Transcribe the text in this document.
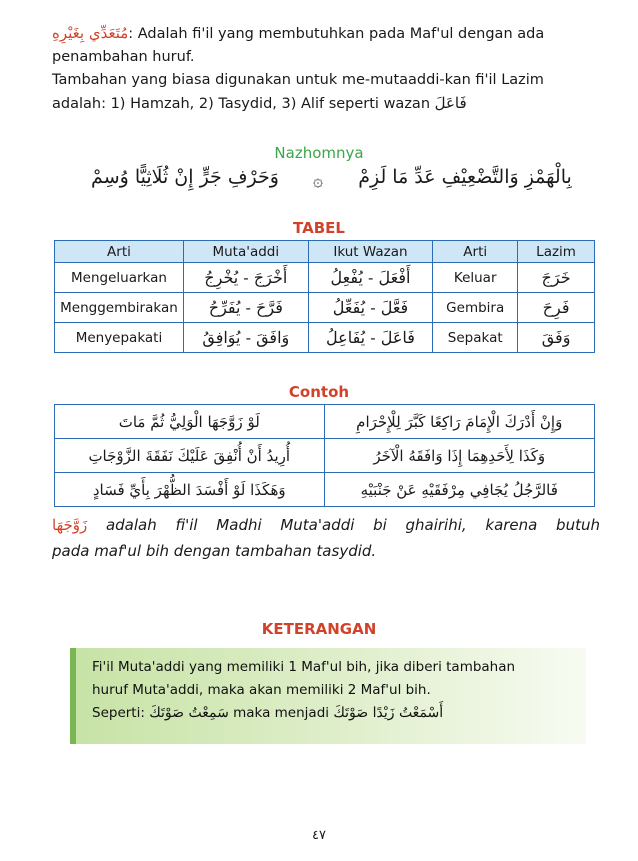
مُتَعَدِّي بِغَيْرِهِ: Adalah fi'il yang membutuhkan pada Maf'ul dengan ada
penambahan huruf.
Tambahan yang biasa digunakan untuk me-mutaaddi-kan fi'il Lazim
adalah: 1) Hamzah, 2) Tasydid, 3) Alif seperti wazan فَاعَلَ
Nazhomnya
وَحَرْفِ جَرٍّ إِنْ ثُلَاثِيًّا وُسِمْ	۞	بِالْهَمْزِ وَالتَّضْعِيْفِ عَدِّ مَا لَزِمْ
TABEL
Arti	Muta'addi	Ikut Wazan	Arti	Lazim
Mengeluarkan	أَخْرَجَ - يُخْرِجُ	أَفْعَلَ - يُفْعِلُ	Keluar	خَرَجَ
Menggembirakan	فَرَّحَ - يُفَرِّحُ	فَعَّلَ - يُفَعِّلُ	Gembira	فَرِحَ
Menyepakati	وَافَقَ - يُوَافِقُ	فَاعَلَ - يُفَاعِلُ	Sepakat	وَفَقَ
Contoh
لَوْ زَوَّجَهَا الْوَلِيُّ ثُمَّ مَاتَ	وَإِنْ أَدْرَكَ الْإِمَامَ رَاكِعًا كَبَّرَ لِلْإِحْرَامِ
أُرِيدُ أَنْ أُنْفِقَ عَلَيْكَ نَفَقَةَ الزَّوْجَاتِ	وَكَذَا لِأَحَدِهِمَا إِذَا وَافَقَهُ الْآخَرُ
وَهَكَذَا لَوْ أَفْسَدَ الظُّهْرَ بِأَيِّ فَسَادٍ	فَالرَّجُلُ يُجَافِي مِرْفَقَيْهِ عَنْ جَنْبَيْهِ
زَوَّجَهَا adalah fi'il Madhi Muta'addi bi ghairihi, karena butuh
pada maf'ul bih dengan tambahan tasydid.
KETERANGAN
Fi'il Muta'addi yang memiliki 1 Maf'ul bih, jika diberi tambahan
huruf Muta'addi, maka akan memiliki 2 Maf'ul bih.
Seperti: سَمِعْتُ صَوْتَكَ maka menjadi أَسْمَعْتُ زَيْدًا صَوْتَكَ
٤٧
